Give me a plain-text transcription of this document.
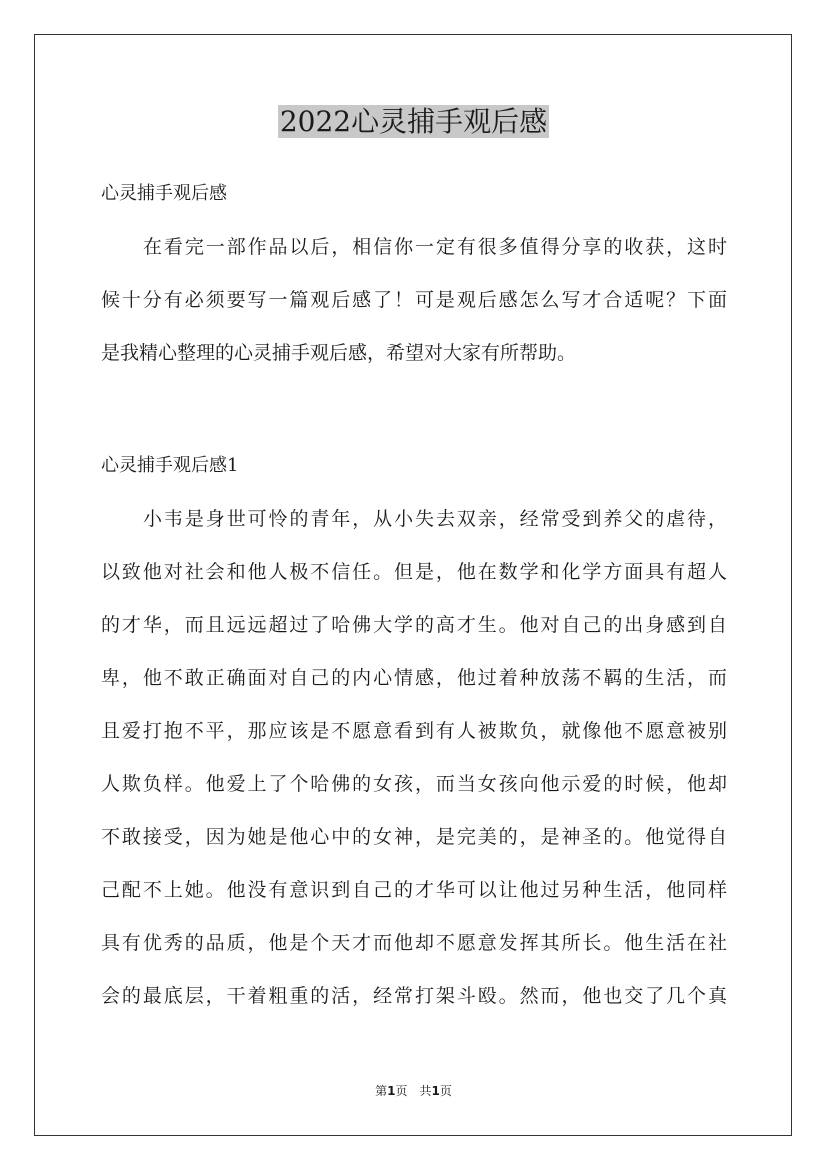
2022心灵捕手观后感
心灵捕手观后感
在看完一部作品以后，相信你一定有很多值得分享的收获，这时
候十分有必须要写一篇观后感了！可是观后感怎么写才合适呢？下面
是我精心整理的心灵捕手观后感，希望对大家有所帮助。
心灵捕手观后感1
小韦是身世可怜的青年，从小失去双亲，经常受到养父的虐待，
以致他对社会和他人极不信任。但是，他在数学和化学方面具有超人
的才华，而且远远超过了哈佛大学的高才生。他对自己的出身感到自
卑，他不敢正确面对自己的内心情感，他过着种放荡不羁的生活，而
且爱打抱不平，那应该是不愿意看到有人被欺负，就像他不愿意被别
人欺负样。他爱上了个哈佛的女孩，而当女孩向他示爱的时候，他却
不敢接受，因为她是他心中的女神，是完美的，是神圣的。他觉得自
己配不上她。他没有意识到自己的才华可以让他过另种生活，他同样
具有优秀的品质，他是个天才而他却不愿意发挥其所长。他生活在社
会的最底层，干着粗重的活，经常打架斗殴。然而，他也交了几个真
第1页　共1页
